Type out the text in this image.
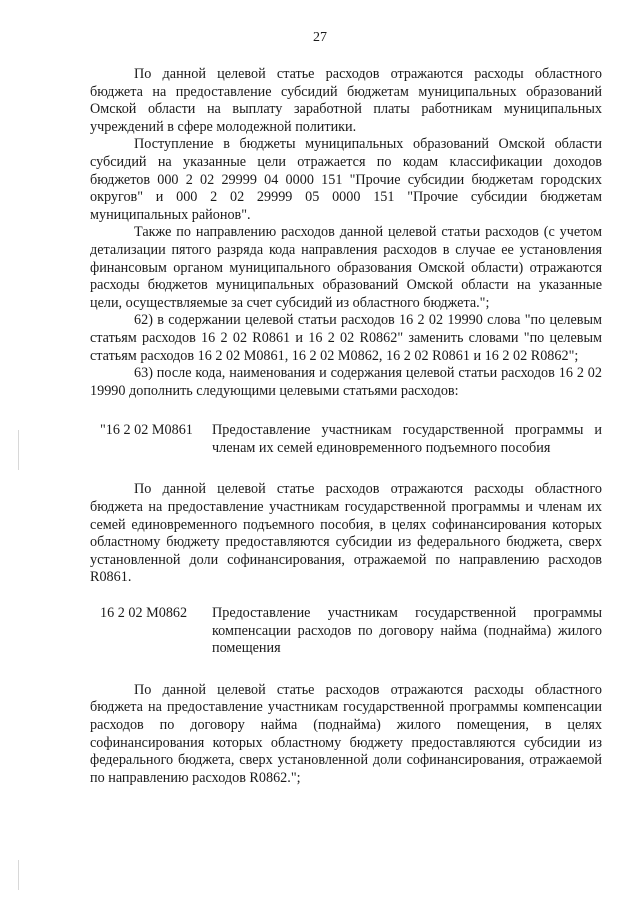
27

По данной целевой статье расходов отражаются расходы областного бюджета на предоставление субсидий бюджетам муниципальных образований Омской области на выплату заработной платы работникам муниципальных учреждений в сфере молодежной политики.

Поступление в бюджеты муниципальных образований Омской области субсидий на указанные цели отражается по кодам классификации доходов бюджетов 000 2 02 29999 04 0000 151 "Прочие субсидии бюджетам городских округов" и 000 2 02 29999 05 0000 151 "Прочие субсидии бюджетам муниципальных районов".

Также по направлению расходов данной целевой статьи расходов (с учетом детализации пятого разряда кода направления расходов в случае ее установления финансовым органом муниципального образования Омской области) отражаются расходы бюджетов муниципальных образований Омской области на указанные цели, осуществляемые за счет субсидий из областного бюджета.";

62) в содержании целевой статьи расходов 16 2 02 19990 слова "по целевым статьям расходов 16 2 02 R0861 и 16 2 02 R0862" заменить словами "по целевым статьям расходов 16 2 02 M0861, 16 2 02 M0862, 16 2 02 R0861 и 16 2 02 R0862";

63) после кода, наименования и содержания целевой статьи расходов 16 2 02 19990 дополнить следующими целевыми статьями расходов:

"16 2 02 M0861	Предоставление участникам государственной программы и членам их семей единовременного подъемного пособия

По данной целевой статье расходов отражаются расходы областного бюджета на предоставление участникам государственной программы и членам их семей единовременного подъемного пособия, в целях софинансирования которых областному бюджету предоставляются субсидии из федерального бюджета, сверх установленной доли софинансирования, отражаемой по направлению расходов R0861.

16 2 02 M0862	Предоставление участникам государственной программы компенсации расходов по договору найма (поднайма) жилого помещения

По данной целевой статье расходов отражаются расходы областного бюджета на предоставление участникам государственной программы компенсации расходов по договору найма (поднайма) жилого помещения, в целях софинансирования которых областному бюджету предоставляются субсидии из федерального бюджета, сверх установленной доли софинансирования, отражаемой по направлению расходов R0862.";
